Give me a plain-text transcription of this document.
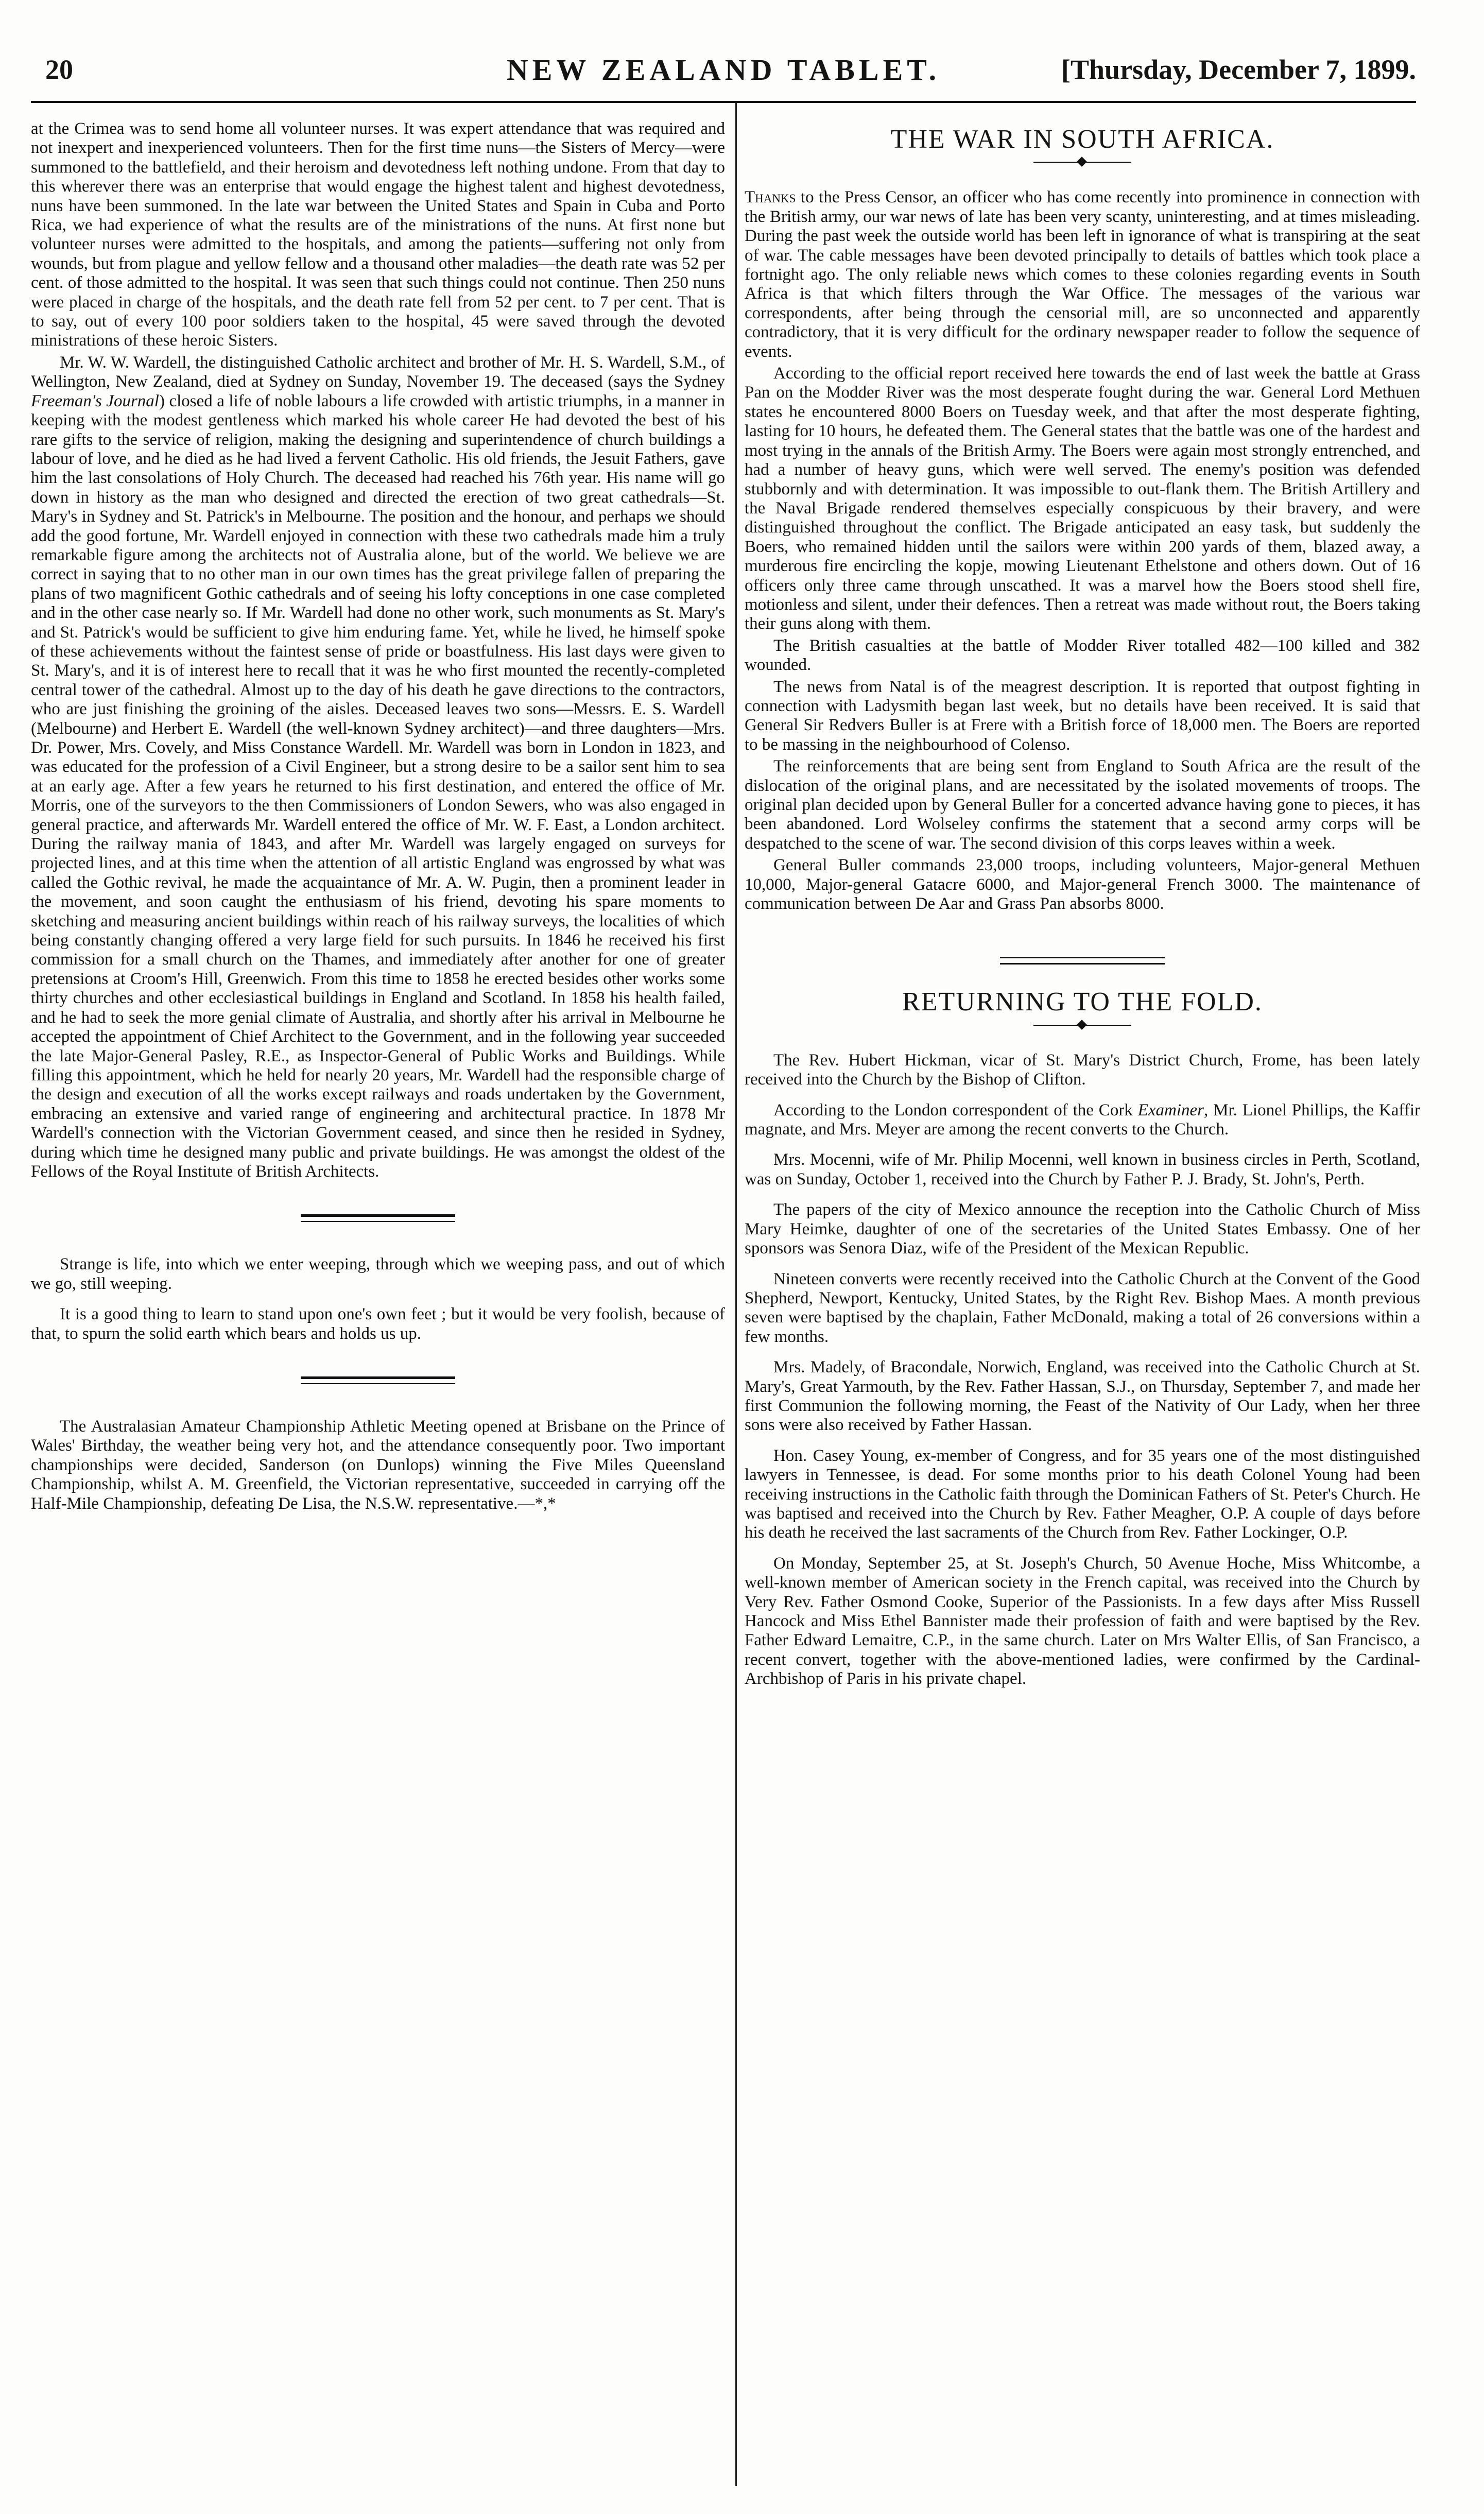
20	NEW ZEALAND TABLET.	[Thursday, December 7, 1899.

at the Crimea was to send home all volunteer nurses. It was expert attendance that was required and not inexpert and inexperienced volunteers. Then for the first time nuns—the Sisters of Mercy—were summoned to the battlefield, and their heroism and devotedness left nothing undone. From that day to this wherever there was an enterprise that would engage the highest talent and highest devotedness, nuns have been summoned. In the late war between the United States and Spain in Cuba and Porto Rica, we had experience of what the results are of the ministrations of the nuns. At first none but volunteer nurses were admitted to the hospitals, and among the patients—suffering not only from wounds, but from plague and yellow fellow and a thousand other maladies—the death rate was 52 per cent. of those admitted to the hospital. It was seen that such things could not continue. Then 250 nuns were placed in charge of the hospitals, and the death rate fell from 52 per cent. to 7 per cent. That is to say, out of every 100 poor soldiers taken to the hospital, 45 were saved through the devoted ministrations of these heroic Sisters.

Mr. W. W. Wardell, the distinguished Catholic architect and brother of Mr. H. S. Wardell, S.M., of Wellington, New Zealand, died at Sydney on Sunday, November 19. The deceased (says the Sydney Freeman's Journal) closed a life of noble labours a life crowded with artistic triumphs, in a manner in keeping with the modest gentleness which marked his whole career He had devoted the best of his rare gifts to the service of religion, making the designing and superintendence of church buildings a labour of love, and he died as he had lived a fervent Catholic. His old friends, the Jesuit Fathers, gave him the last consolations of Holy Church. The deceased had reached his 76th year. His name will go down in history as the man who designed and directed the erection of two great cathedrals—St. Mary's in Sydney and St. Patrick's in Melbourne. The position and the honour, and perhaps we should add the good fortune, Mr. Wardell enjoyed in connection with these two cathedrals made him a truly remarkable figure among the architects not of Australia alone, but of the world. We believe we are correct in saying that to no other man in our own times has the great privilege fallen of preparing the plans of two magnificent Gothic cathedrals and of seeing his lofty conceptions in one case completed and in the other case nearly so. If Mr. Wardell had done no other work, such monuments as St. Mary's and St. Patrick's would be sufficient to give him enduring fame. Yet, while he lived, he himself spoke of these achievements without the faintest sense of pride or boastfulness. His last days were given to St. Mary's, and it is of interest here to recall that it was he who first mounted the recently-completed central tower of the cathedral. Almost up to the day of his death he gave directions to the contractors, who are just finishing the groining of the aisles. Deceased leaves two sons—Messrs. E. S. Wardell (Melbourne) and Herbert E. Wardell (the well-known Sydney architect)—and three daughters—Mrs. Dr. Power, Mrs. Covely, and Miss Constance Wardell. Mr. Wardell was born in London in 1823, and was educated for the profession of a Civil Engineer, but a strong desire to be a sailor sent him to sea at an early age. After a few years he returned to his first destination, and entered the office of Mr. Morris, one of the surveyors to the then Commissioners of London Sewers, who was also engaged in general practice, and afterwards Mr. Wardell entered the office of Mr. W. F. East, a London architect. During the railway mania of 1843, and after Mr. Wardell was largely engaged on surveys for projected lines, and at this time when the attention of all artistic England was engrossed by what was called the Gothic revival, he made the acquaintance of Mr. A. W. Pugin, then a prominent leader in the movement, and soon caught the enthusiasm of his friend, devoting his spare moments to sketching and measuring ancient buildings within reach of his railway surveys, the localities of which being constantly changing offered a very large field for such pursuits. In 1846 he received his first commission for a small church on the Thames, and immediately after another for one of greater pretensions at Croom's Hill, Greenwich. From this time to 1858 he erected besides other works some thirty churches and other ecclesiastical buildings in England and Scotland. In 1858 his health failed, and he had to seek the more genial climate of Australia, and shortly after his arrival in Melbourne he accepted the appointment of Chief Architect to the Government, and in the following year succeeded the late Major-General Pasley, R.E., as Inspector-General of Public Works and Buildings. While filling this appointment, which he held for nearly 20 years, Mr. Wardell had the responsible charge of the design and execution of all the works except railways and roads undertaken by the Government, embracing an extensive and varied range of engineering and architectural practice. In 1878 Mr Wardell's connection with the Victorian Government ceased, and since then he resided in Sydney, during which time he designed many public and private buildings. He was amongst the oldest of the Fellows of the Royal Institute of British Architects.

Strange is life, into which we enter weeping, through which we weeping pass, and out of which we go, still weeping.

It is a good thing to learn to stand upon one's own feet ; but it would be very foolish, because of that, to spurn the solid earth which bears and holds us up.

The Australasian Amateur Championship Athletic Meeting opened at Brisbane on the Prince of Wales' Birthday, the weather being very hot, and the attendance consequently poor. Two important championships were decided, Sanderson (on Dunlops) winning the Five Miles Queensland Championship, whilst A. M. Greenfield, the Victorian representative, succeeded in carrying off the Half-Mile Championship, defeating De Lisa, the N.S.W. representative.—*,*

THE WAR IN SOUTH AFRICA.

Thanks to the Press Censor, an officer who has come recently into prominence in connection with the British army, our war news of late has been very scanty, uninteresting, and at times misleading. During the past week the outside world has been left in ignorance of what is transpiring at the seat of war. The cable messages have been devoted principally to details of battles which took place a fortnight ago. The only reliable news which comes to these colonies regarding events in South Africa is that which filters through the War Office. The messages of the various war correspondents, after being through the censorial mill, are so unconnected and apparently contradictory, that it is very difficult for the ordinary newspaper reader to follow the sequence of events.

According to the official report received here towards the end of last week the battle at Grass Pan on the Modder River was the most desperate fought during the war. General Lord Methuen states he encountered 8000 Boers on Tuesday week, and that after the most desperate fighting, lasting for 10 hours, he defeated them. The General states that the battle was one of the hardest and most trying in the annals of the British Army. The Boers were again most strongly entrenched, and had a number of heavy guns, which were well served. The enemy's position was defended stubbornly and with determination. It was impossible to out-flank them. The British Artillery and the Naval Brigade rendered themselves especially conspicuous by their bravery, and were distinguished throughout the conflict. The Brigade anticipated an easy task, but suddenly the Boers, who remained hidden until the sailors were within 200 yards of them, blazed away, a murderous fire encircling the kopje, mowing Lieutenant Ethelstone and others down. Out of 16 officers only three came through unscathed. It was a marvel how the Boers stood shell fire, motionless and silent, under their defences. Then a retreat was made without rout, the Boers taking their guns along with them.

The British casualties at the battle of Modder River totalled 482—100 killed and 382 wounded.

The news from Natal is of the meagrest description. It is reported that outpost fighting in connection with Ladysmith began last week, but no details have been received. It is said that General Sir Redvers Buller is at Frere with a British force of 18,000 men. The Boers are reported to be massing in the neighbourhood of Colenso.

The reinforcements that are being sent from England to South Africa are the result of the dislocation of the original plans, and are necessitated by the isolated movements of troops. The original plan decided upon by General Buller for a concerted advance having gone to pieces, it has been abandoned. Lord Wolseley confirms the statement that a second army corps will be despatched to the scene of war. The second division of this corps leaves within a week.

General Buller commands 23,000 troops, including volunteers, Major-general Methuen 10,000, Major-general Gatacre 6000, and Major-general French 3000. The maintenance of communication between De Aar and Grass Pan absorbs 8000.

RETURNING TO THE FOLD.

The Rev. Hubert Hickman, vicar of St. Mary's District Church, Frome, has been lately received into the Church by the Bishop of Clifton.

According to the London correspondent of the Cork Examiner, Mr. Lionel Phillips, the Kaffir magnate, and Mrs. Meyer are among the recent converts to the Church.

Mrs. Mocenni, wife of Mr. Philip Mocenni, well known in business circles in Perth, Scotland, was on Sunday, October 1, received into the Church by Father P. J. Brady, St. John's, Perth.

The papers of the city of Mexico announce the reception into the Catholic Church of Miss Mary Heimke, daughter of one of the secretaries of the United States Embassy. One of her sponsors was Senora Diaz, wife of the President of the Mexican Republic.

Nineteen converts were recently received into the Catholic Church at the Convent of the Good Shepherd, Newport, Kentucky, United States, by the Right Rev. Bishop Maes. A month previous seven were baptised by the chaplain, Father McDonald, making a total of 26 conversions within a few months.

Mrs. Madely, of Bracondale, Norwich, England, was received into the Catholic Church at St. Mary's, Great Yarmouth, by the Rev. Father Hassan, S.J., on Thursday, September 7, and made her first Communion the following morning, the Feast of the Nativity of Our Lady, when her three sons were also received by Father Hassan.

Hon. Casey Young, ex-member of Congress, and for 35 years one of the most distinguished lawyers in Tennessee, is dead. For some months prior to his death Colonel Young had been receiving instructions in the Catholic faith through the Dominican Fathers of St. Peter's Church. He was baptised and received into the Church by Rev. Father Meagher, O.P. A couple of days before his death he received the last sacraments of the Church from Rev. Father Lockinger, O.P.

On Monday, September 25, at St. Joseph's Church, 50 Avenue Hoche, Miss Whitcombe, a well-known member of American society in the French capital, was received into the Church by Very Rev. Father Osmond Cooke, Superior of the Passionists. In a few days after Miss Russell Hancock and Miss Ethel Bannister made their profession of faith and were baptised by the Rev. Father Edward Lemaitre, C.P., in the same church. Later on Mrs Walter Ellis, of San Francisco, a recent convert, together with the above-mentioned ladies, were confirmed by the Cardinal-Archbishop of Paris in his private chapel.
